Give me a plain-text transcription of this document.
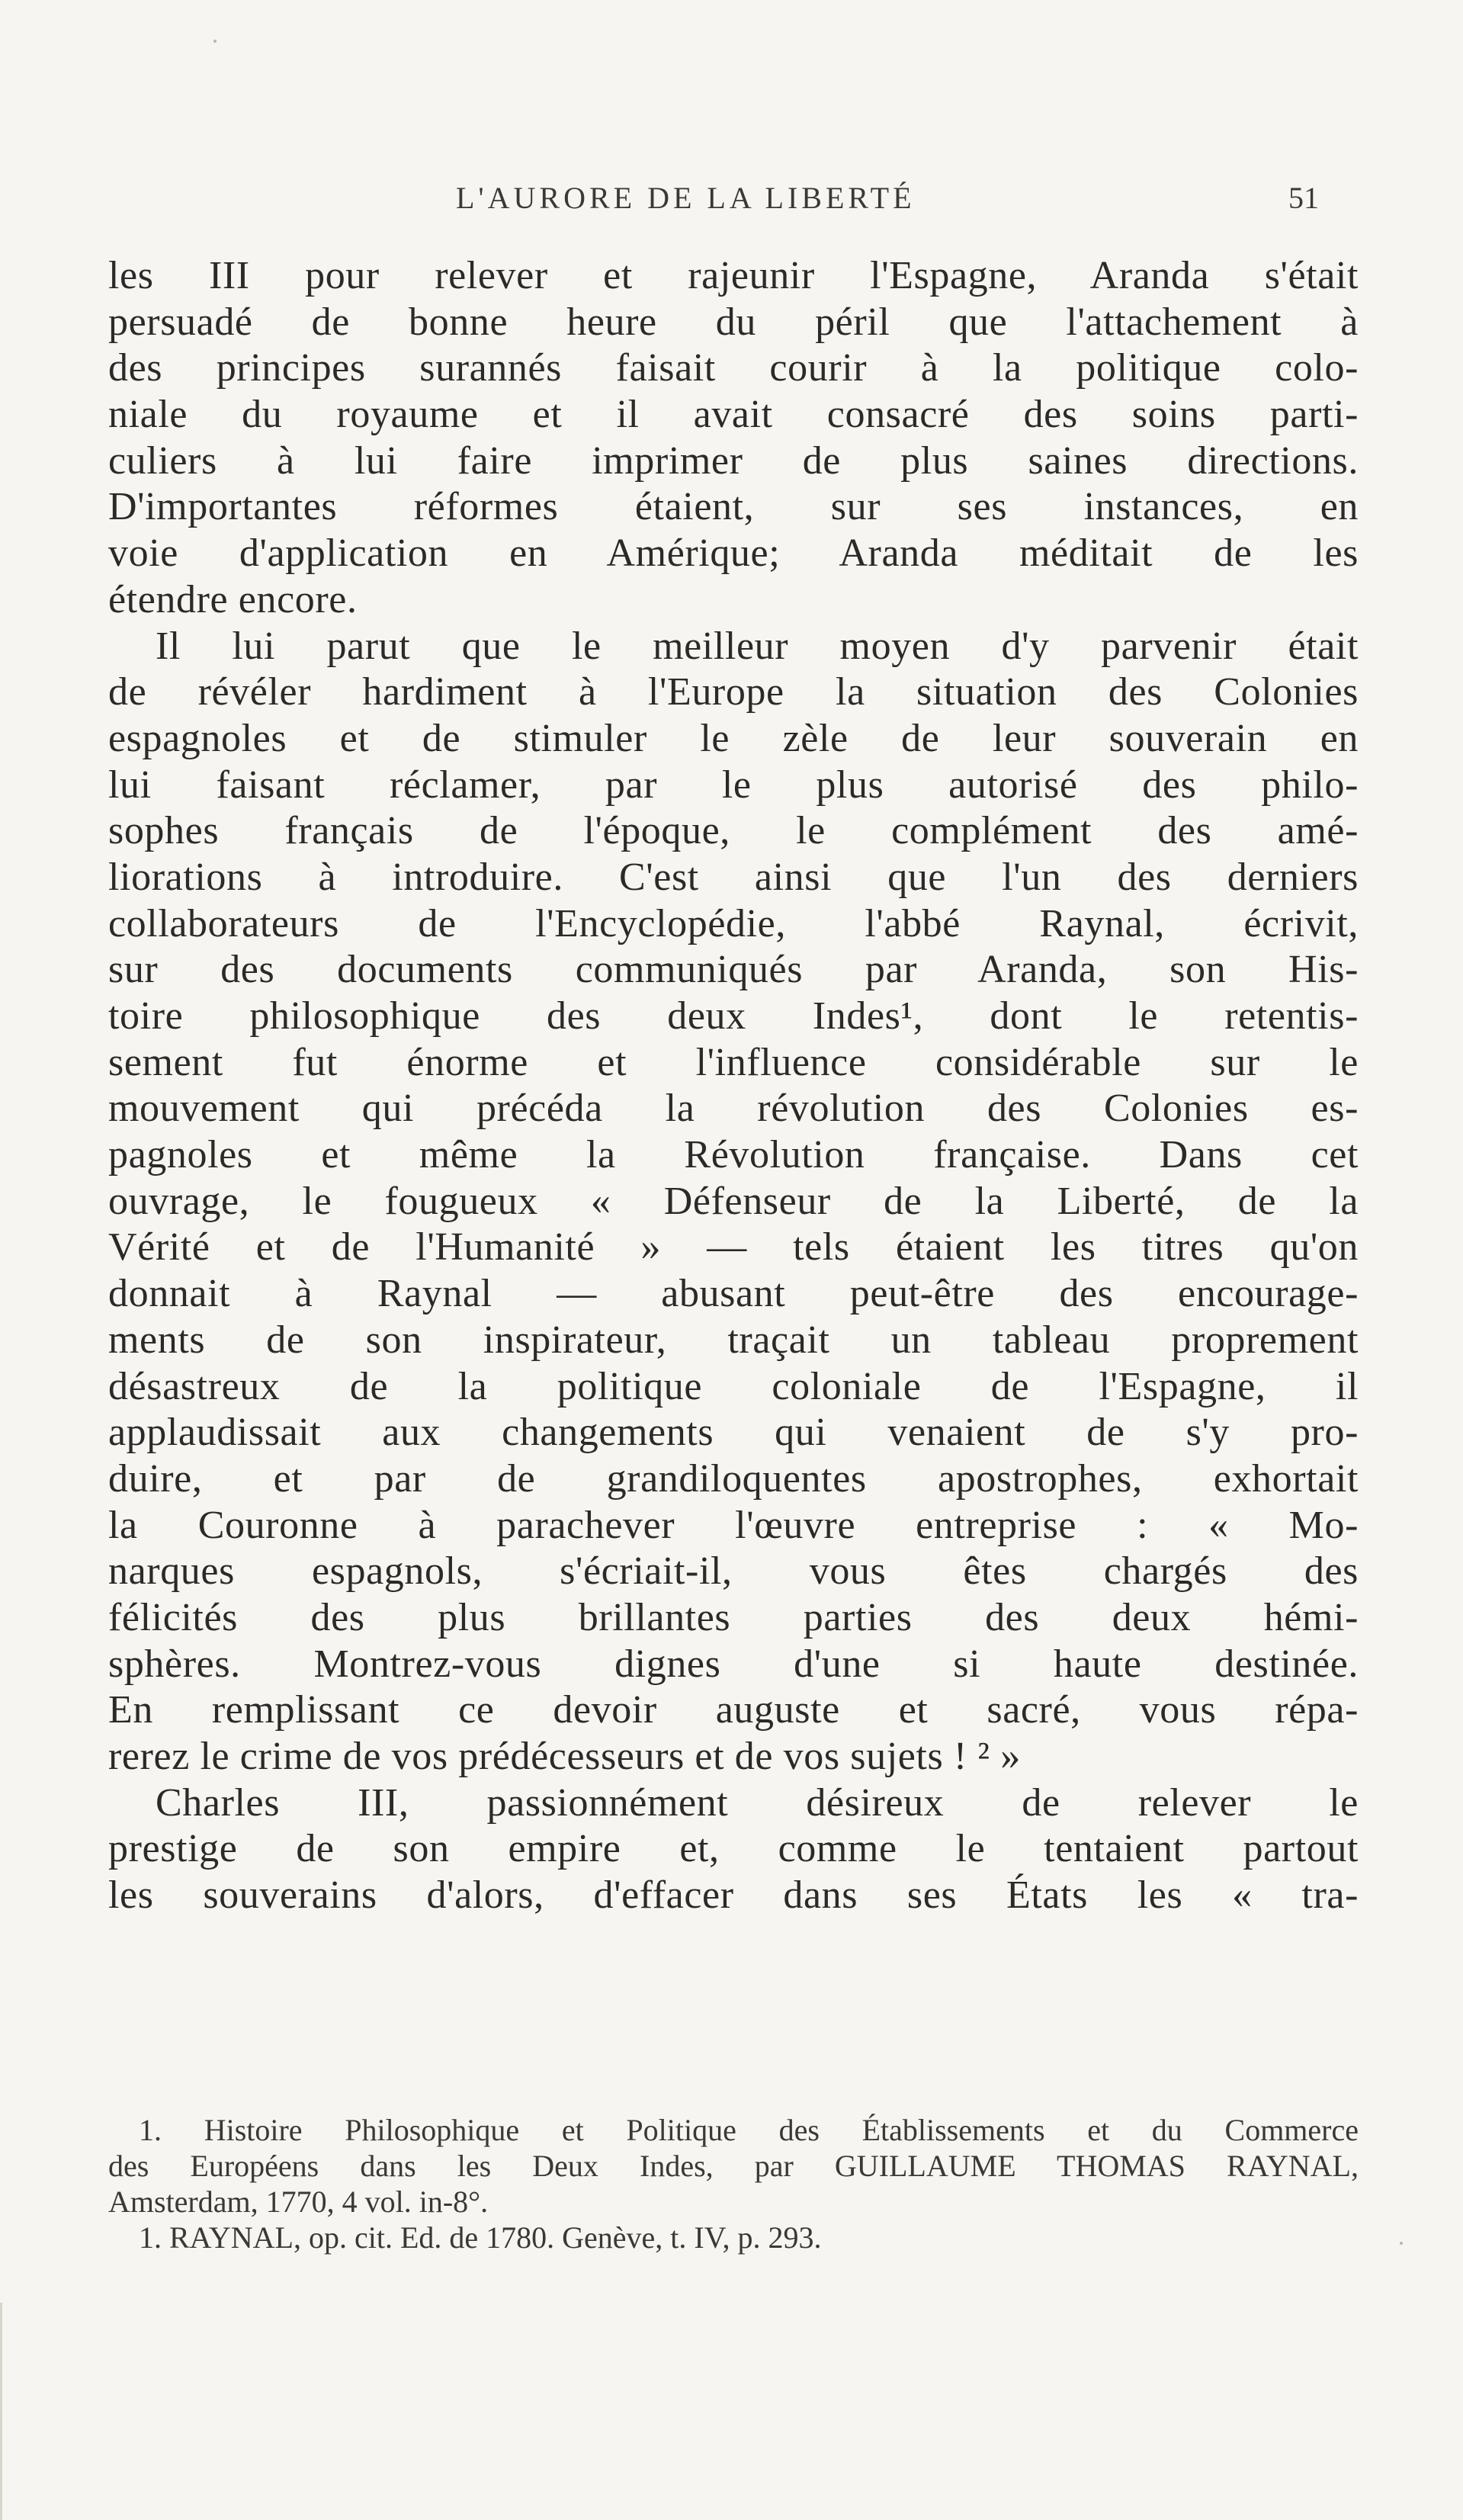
L'AURORE DE LA LIBERTÉ	51
les III pour relever et rajeunir l'Espagne, Aranda s'était
persuadé de bonne heure du péril que l'attachement à
des principes surannés faisait courir à la politique colo-
niale du royaume et il avait consacré des soins parti-
culiers à lui faire imprimer de plus saines directions.
D'importantes réformes étaient, sur ses instances, en
voie d'application en Amérique; Aranda méditait de les
étendre encore.
Il lui parut que le meilleur moyen d'y parvenir était
de révéler hardiment à l'Europe la situation des Colonies
espagnoles et de stimuler le zèle de leur souverain en
lui faisant réclamer, par le plus autorisé des philo-
sophes français de l'époque, le complément des amé-
liorations à introduire. C'est ainsi que l'un des derniers
collaborateurs de l'Encyclopédie, l'abbé Raynal, écrivit,
sur des documents communiqués par Aranda, son His-
toire philosophique des deux Indes¹, dont le retentis-
sement fut énorme et l'influence considérable sur le
mouvement qui précéda la révolution des Colonies es-
pagnoles et même la Révolution française. Dans cet
ouvrage, le fougueux « Défenseur de la Liberté, de la
Vérité et de l'Humanité » — tels étaient les titres qu'on
donnait à Raynal — abusant peut-être des encourage-
ments de son inspirateur, traçait un tableau proprement
désastreux de la politique coloniale de l'Espagne, il
applaudissait aux changements qui venaient de s'y pro-
duire, et par de grandiloquentes apostrophes, exhortait
la Couronne à parachever l'œuvre entreprise : « Mo-
narques espagnols, s'écriait-il, vous êtes chargés des
félicités des plus brillantes parties des deux hémi-
sphères. Montrez-vous dignes d'une si haute destinée.
En remplissant ce devoir auguste et sacré, vous répa-
rerez le crime de vos prédécesseurs et de vos sujets ! ² »
Charles III, passionnément désireux de relever le
prestige de son empire et, comme le tentaient partout
les souverains d'alors, d'effacer dans ses États les « tra-
1. Histoire Philosophique et Politique des Établissements et du Commerce
des Européens dans les Deux Indes, par GUILLAUME THOMAS RAYNAL,
Amsterdam, 1770, 4 vol. in-8°.
1. RAYNAL, op. cit. Ed. de 1780. Genève, t. IV, p. 293.
